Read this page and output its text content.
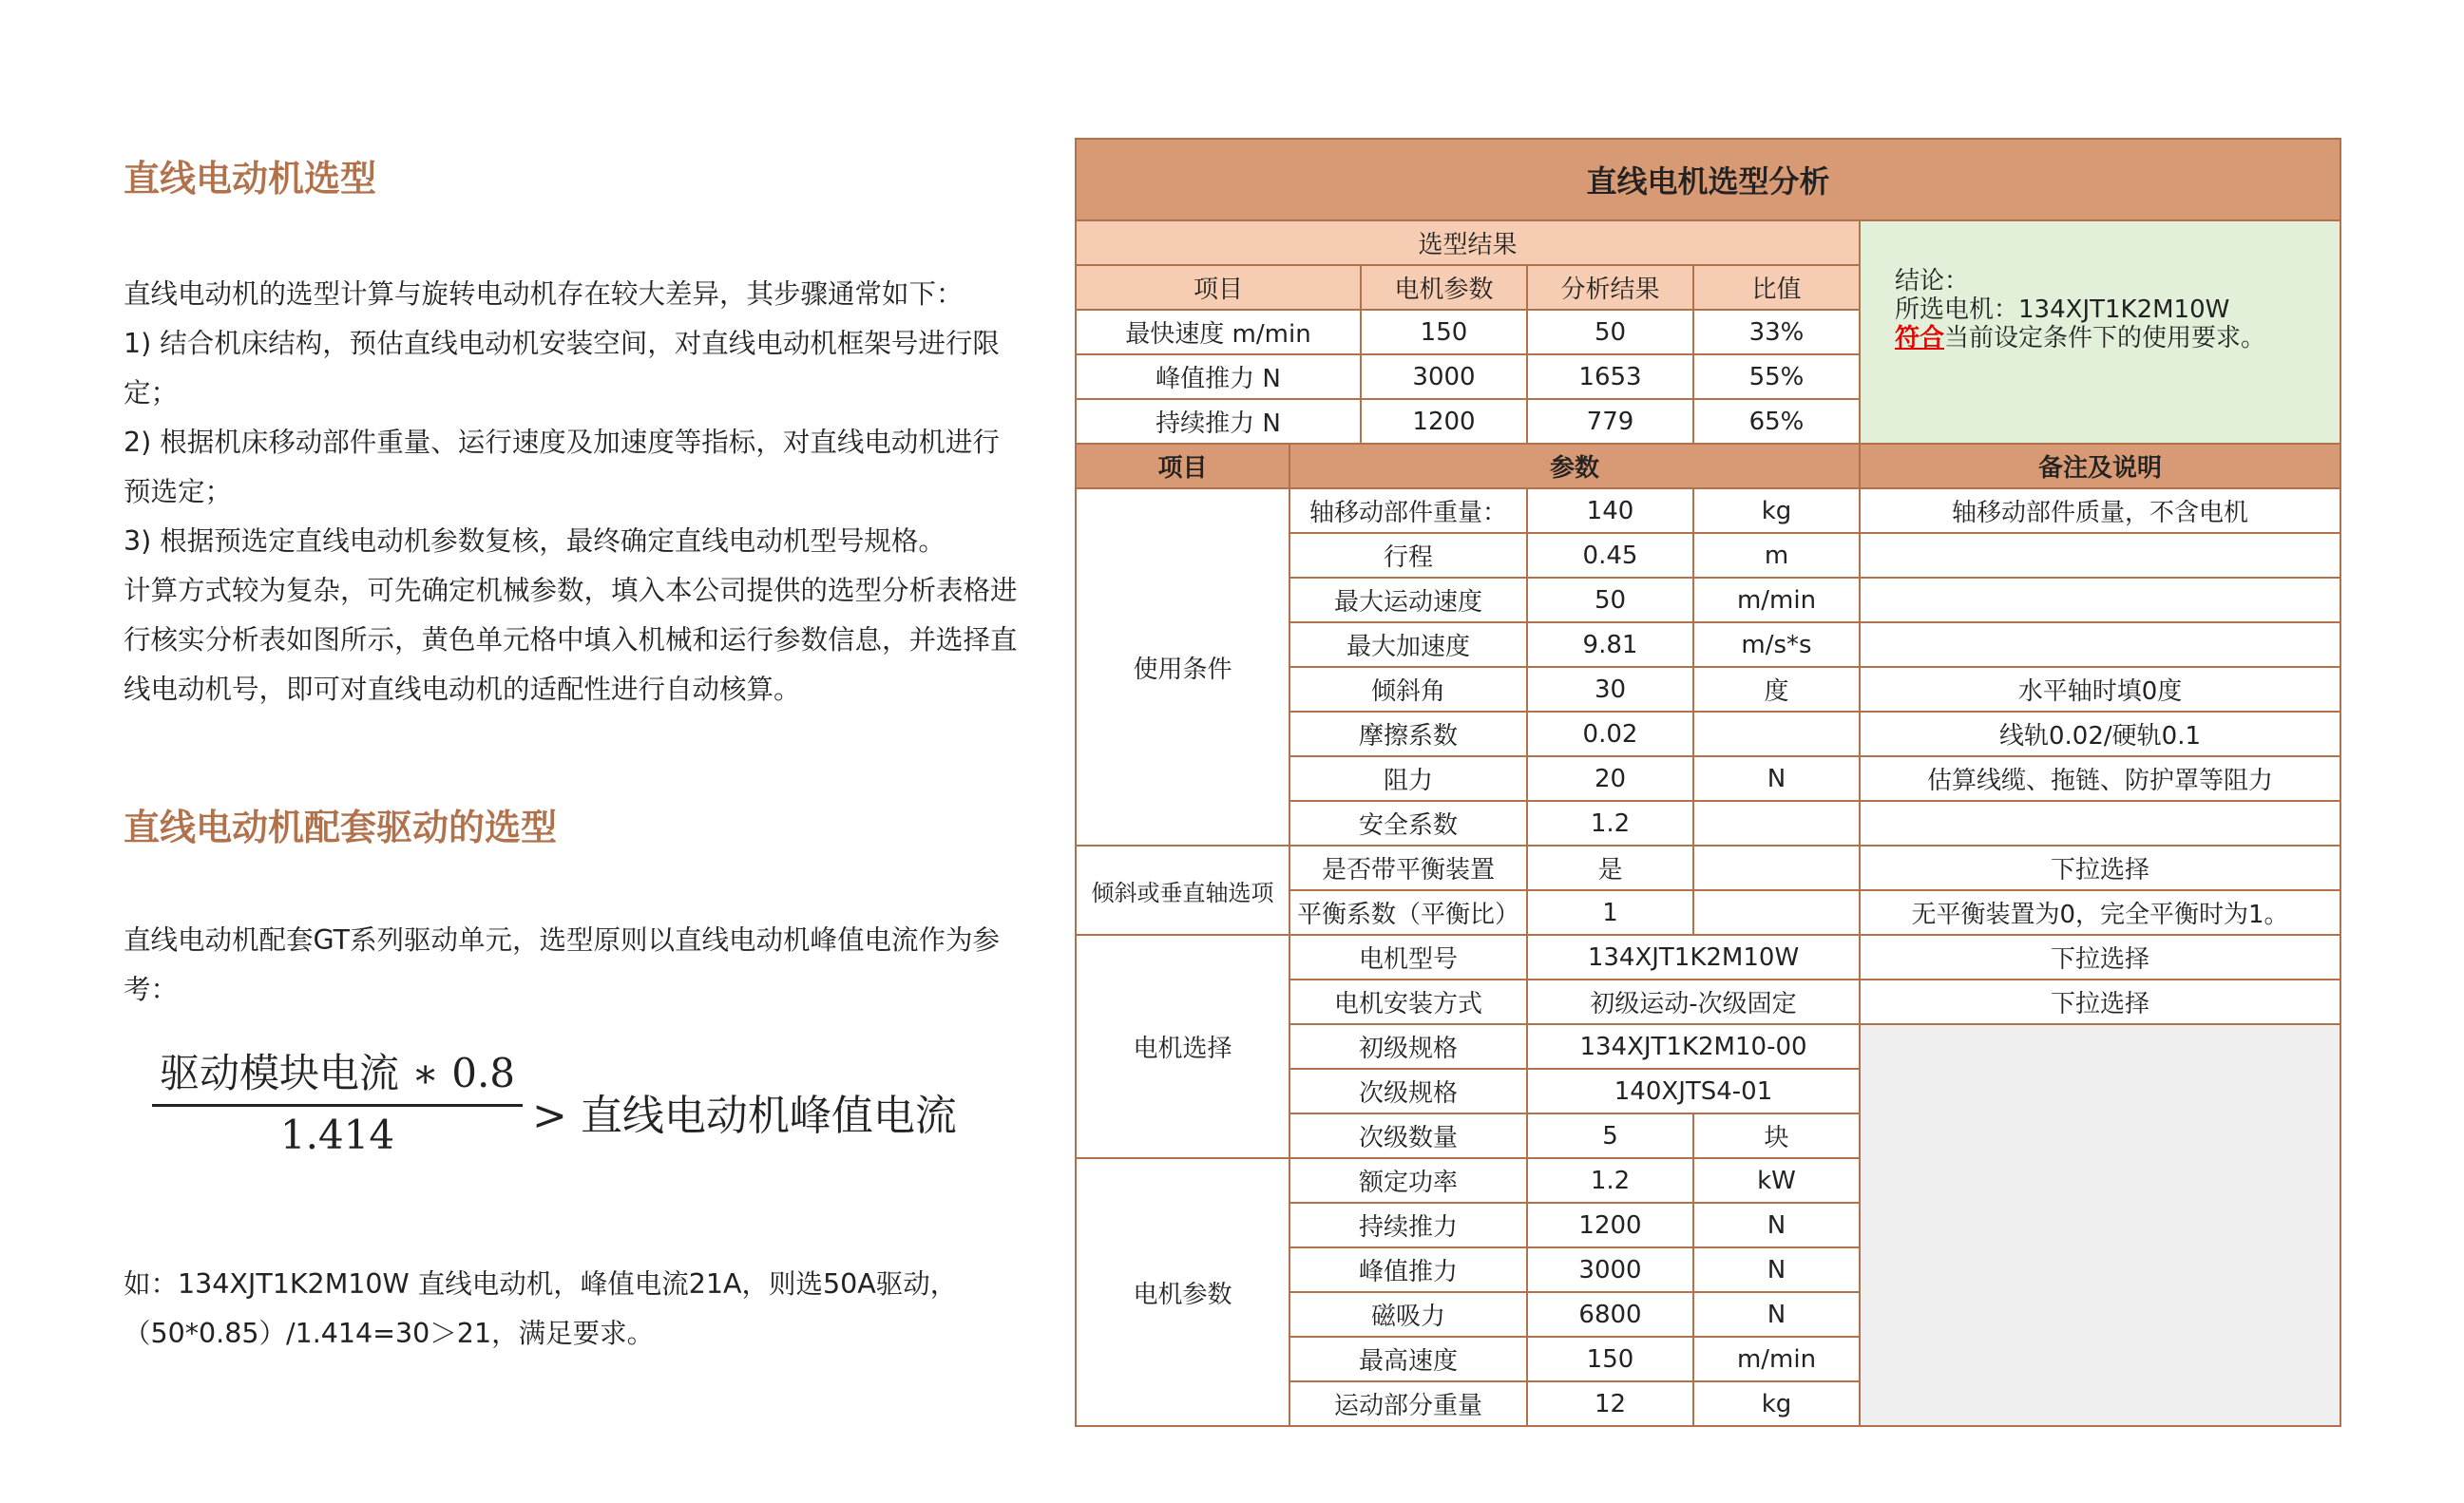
直线电动机选型

直线电动机的选型计算与旋转电动机存在较大差异，其步骤通常如下：

1) 结合机床结构，预估直线电动机安装空间，对直线电动机框架号进行限定；

2) 根据机床移动部件重量、运行速度及加速度等指标，对直线电动机进行预选定；

3) 根据预选定直线电动机参数复核，最终确定直线电动机型号规格。

计算方式较为复杂，可先确定机械参数，填入本公司提供的选型分析表格进行核实分析表如图所示，黄色单元格中填入机械和运行参数信息，并选择直线电动机号，即可对直线电动机的适配性进行自动核算。

直线电动机配套驱动的选型
直线电动机配套GT系列驱动单元，选型原则以直线电动机峰值电流作为参考：
驱动模块电流 ∗ 0.8
1.414	> 直线电动机峰值电流

如：134XJT1K2M10W 直线电动机，峰值电流21A，则选50A驱动，

（50*0.85）/1.414=30＞21，满足要求。

直线电机选型分析					
选型结果					结论：
所选电机：134XJT1K2M10W
符合当前设定条件下的使用要求。

项目		电机参数	分析结果	比值	
最快速度 m/min		150	50	33%	
峰值推力 N		3000	1653	55%	
持续推力 N		1200	779	65%	
项目	参数				备注及说明
使用条件	轴移动部件重量：		140	kg	轴移动部件质量，不含电机
	行程		0.45	m	
	最大运动速度		50	m/min	
	最大加速度		9.81	m/s*s	
	倾斜角		30	度	水平轴时填0度
	摩擦系数		0.02		线轨0.02/硬轨0.1
	阻力		20	N	估算线缆、拖链、防护罩等阻力
	安全系数		1.2		
倾斜或垂直轴选项	是否带平衡装置		是		下拉选择
	平衡系数（平衡比）		1		无平衡装置为0，完全平衡时为1。
电机选择	电机型号		134XJT1K2M10W		下拉选择
	电机安装方式		初级运动-次级固定		下拉选择
	初级规格		134XJT1K2M10-00		
	次级规格		140XJTS4-01		
	次级数量		5	块	
电机参数	额定功率		1.2	kW	
	持续推力		1200	N	
	峰值推力		3000	N	
	磁吸力		6800	N	
	最高速度		150	m/min	
	运动部分重量		12	kg	
